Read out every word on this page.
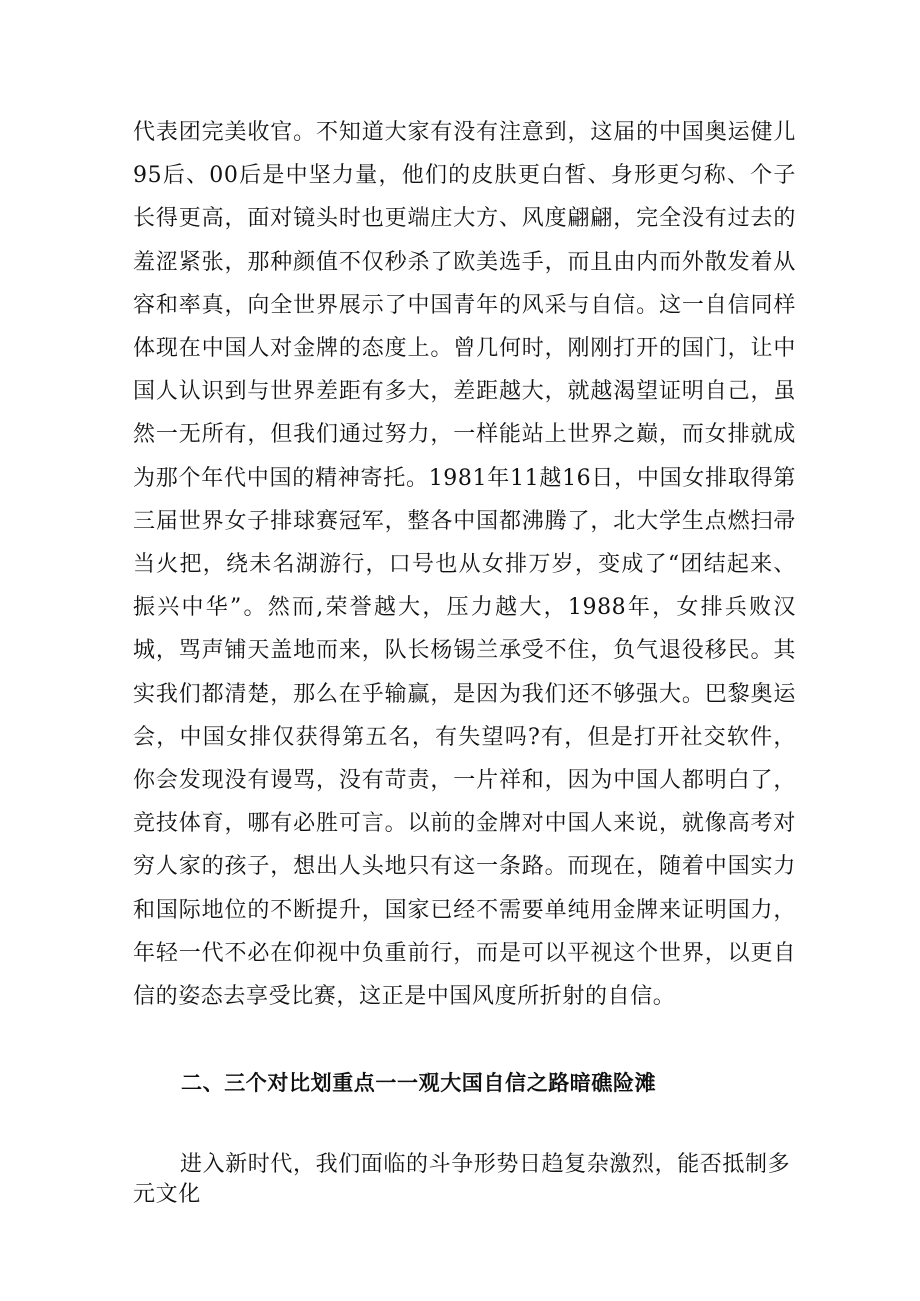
代表团完美收官。不知道大家有没有注意到，这届的中国奥运健儿95后、00后是中坚力量，他们的皮肤更白皙、身形更匀称、个子长得更高，面对镜头时也更端庄大方、风度翩翩，完全没有过去的羞涩紧张，那种颜值不仅秒杀了欧美选手，而且由内而外散发着从容和率真，向全世界展示了中国青年的风采与自信。这一自信同样体现在中国人对金牌的态度上。曾几何时，刚刚打开的国门，让中国人认识到与世界差距有多大，差距越大，就越渴望证明自己，虽然一无所有，但我们通过努力，一样能站上世界之巅，而女排就成为那个年代中国的精神寄托。1981年11越16日，中国女排取得第三届世界女子排球赛冠军，整各中国都沸腾了，北大学生点燃扫帚当火把，绕未名湖游行，口号也从女排万岁，变成了“团结起来、振兴中华”。然而,荣誉越大，压力越大，1988年，女排兵败汉城，骂声铺天盖地而来，队长杨锡兰承受不住，负气退役移民。其实我们都清楚，那么在乎输赢，是因为我们还不够强大。巴黎奥运会，中国女排仅获得第五名，有失望吗?有，但是打开社交软件，你会发现没有谩骂，没有苛责，一片祥和，因为中国人都明白了，竞技体育，哪有必胜可言。以前的金牌对中国人来说，就像高考对穷人家的孩子，想出人头地只有这一条路。而现在，随着中国实力和国际地位的不断提升，国家已经不需要单纯用金牌来证明国力，年轻一代不必在仰视中负重前行，而是可以平视这个世界，以更自信的姿态去享受比赛，这正是中国风度所折射的自信。

二、三个对比划重点一一观大国自信之路暗礁险滩

进入新时代，我们面临的斗争形势日趋复杂激烈，能否抵制多元文化
